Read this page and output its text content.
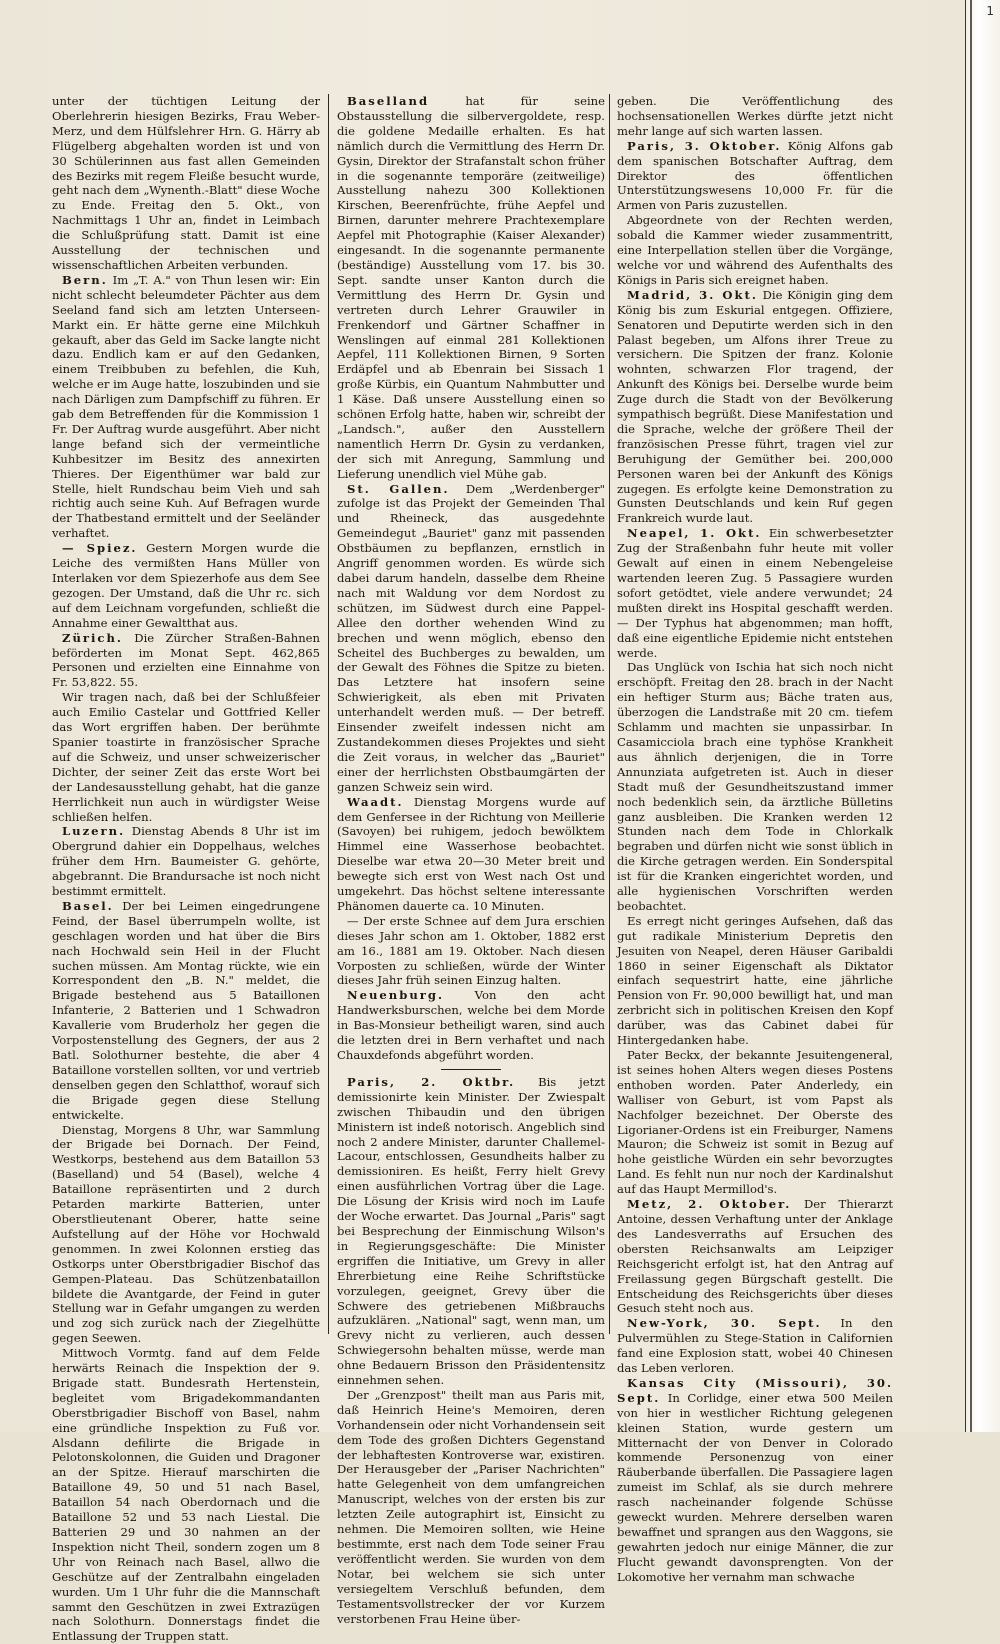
1

unter der tüchtigen Leitung der Oberlehrerin hiesigen Bezirks, Frau Weber-Merz, und dem Hülfslehrer Hrn. G. Härry ab Flügelberg abgehalten worden ist und von 30 Schülerinnen aus fast allen Gemeinden des Bezirks mit regem Fleiße besucht wurde, geht nach dem „Wynenth.-Blatt" diese Woche zu Ende. Freitag den 5. Okt., von Nachmittags 1 Uhr an, findet in Leimbach die Schlußprüfung statt. Damit ist eine Ausstellung der technischen und wissenschaftlichen Arbeiten verbunden.

Bern. Im „T. A." von Thun lesen wir: Ein nicht schlecht beleumdeter Pächter aus dem Seeland fand sich am letzten Unterseen-Markt ein. Er hätte gerne eine Milchkuh gekauft, aber das Geld im Sacke langte nicht dazu. Endlich kam er auf den Gedanken, einem Treibbuben zu befehlen, die Kuh, welche er im Auge hatte, loszubinden und sie nach Därligen zum Dampfschiff zu führen. Er gab dem Betreffenden für die Kommission 1 Fr. Der Auftrag wurde ausgeführt. Aber nicht lange befand sich der vermeintliche Kuhbesitzer im Besitz des annexirten Thieres. Der Eigenthümer war bald zur Stelle, hielt Rundschau beim Vieh und sah richtig auch seine Kuh. Auf Befragen wurde der Thatbestand ermittelt und der Seeländer verhaftet.

— Spiez. Gestern Morgen wurde die Leiche des vermißten Hans Müller von Interlaken vor dem Spiezerhofe aus dem See gezogen. Der Umstand, daß die Uhr rc. sich auf dem Leichnam vorgefunden, schließt die Annahme einer Gewaltthat aus.

Zürich. Die Zürcher Straßen-Bahnen beförderten im Monat Sept. 462,865 Personen und erzielten eine Einnahme von Fr. 53,822. 55.

Wir tragen nach, daß bei der Schlußfeier auch Emilio Castelar und Gottfried Keller das Wort ergriffen haben. Der berühmte Spanier toastirte in französischer Sprache auf die Schweiz, und unser schweizerischer Dichter, der seiner Zeit das erste Wort bei der Landesausstellung gehabt, hat die ganze Herrlichkeit nun auch in würdigster Weise schließen helfen.

Luzern. Dienstag Abends 8 Uhr ist im Obergrund dahier ein Doppelhaus, welches früher dem Hrn. Baumeister G. gehörte, abgebrannt. Die Brandursache ist noch nicht bestimmt ermittelt.

Basel. Der bei Leimen eingedrungene Feind, der Basel überrumpeln wollte, ist geschlagen worden und hat über die Birs nach Hochwald sein Heil in der Flucht suchen müssen. Am Montag rückte, wie ein Korrespondent den „B. N." meldet, die Brigade bestehend aus 5 Bataillonen Infanterie, 2 Batterien und 1 Schwadron Kavallerie vom Bruderholz her gegen die Vorpostenstellung des Gegners, der aus 2 Batl. Solothurner bestehte, die aber 4 Bataillone vorstellen sollten, vor und vertrieb denselben gegen den Schlatthof, worauf sich die Brigade gegen diese Stellung entwickelte.

Dienstag, Morgens 8 Uhr, war Sammlung der Brigade bei Dornach. Der Feind, Westkorps, bestehend aus dem Bataillon 53 (Baselland) und 54 (Basel), welche 4 Bataillone repräsentirten und 2 durch Petarden markirte Batterien, unter Oberstlieutenant Oberer, hatte seine Aufstellung auf der Höhe vor Hochwald genommen. In zwei Kolonnen erstieg das Ostkorps unter Oberstbrigadier Bischof das Gempen-Plateau. Das Schützenbataillon bildete die Avantgarde, der Feind in guter Stellung war in Gefahr umgangen zu werden und zog sich zurück nach der Ziegelhütte gegen Seewen.

Mittwoch Vormtg. fand auf dem Felde herwärts Reinach die Inspektion der 9. Brigade statt. Bundesrath Hertenstein, begleitet vom Brigadekommandanten Oberstbrigadier Bischoff von Basel, nahm eine gründliche Inspektion zu Fuß vor. Alsdann defilirte die Brigade in Pelotonskolonnen, die Guiden und Dragoner an der Spitze. Hierauf marschirten die Bataillone 49, 50 und 51 nach Basel, Bataillon 54 nach Oberdornach und die Bataillone 52 und 53 nach Liestal. Die Batterien 29 und 30 nahmen an der Inspektion nicht Theil, sondern zogen um 8 Uhr von Reinach nach Basel, allwo die Geschütze auf der Zentralbahn eingeladen wurden. Um 1 Uhr fuhr die die Mannschaft sammt den Geschützen in zwei Extrazügen nach Solothurn. Donnerstags findet die Entlassung der Truppen statt.

Baselland	hat für seine Obstausstellung die silbervergoldete, resp. die goldene Medaille erhalten. Es hat nämlich durch die Vermittlung des Herrn Dr. Gysin, Direktor der Strafanstalt schon früher in die sogenannte temporäre (zeitweilige) Ausstellung nahezu 300 Kollektionen Kirschen, Beerenfrüchte, frühe Aepfel und Birnen, darunter mehrere Prachtexemplare Aepfel mit Photographie (Kaiser Alexander) eingesandt. In die sogenannte permanente (beständige) Ausstellung vom 17. bis 30. Sept. sandte unser Kanton durch die Vermittlung des Herrn Dr. Gysin und vertreten durch Lehrer Grauwiler in Frenkendorf und Gärtner Schaffner in Wenslingen auf einmal 281 Kollektionen Aepfel, 111 Kollektionen Birnen, 9 Sorten Erdäpfel und ab Ebenrain bei Sissach 1 große Kürbis, ein Quantum Nahmbutter und 1 Käse. Daß unsere Ausstellung einen so schönen Erfolg hatte, haben wir, schreibt der „Landsch.", außer den Ausstellern namentlich Herrn Dr. Gysin zu verdanken, der sich mit Anregung, Sammlung und Lieferung unendlich viel Mühe gab.

St. Gallen. Dem „Werdenberger" zufolge ist das Projekt der Gemeinden Thal und Rheineck, das ausgedehnte Gemeindegut „Bauriet" ganz mit passenden Obstbäumen zu bepflanzen, ernstlich in Angriff genommen worden. Es würde sich dabei darum handeln, dasselbe dem Rheine nach mit Waldung vor dem Nordost zu schützen, im Südwest durch eine Pappel-Allee den dorther wehenden Wind zu brechen und wenn möglich, ebenso den Scheitel des Buchberges zu bewalden, um der Gewalt des Föhnes die Spitze zu bieten. Das Letztere hat insofern seine Schwierigkeit, als eben mit Privaten unterhandelt werden muß. — Der betreff. Einsender zweifelt indessen nicht am Zustandekommen dieses Projektes und sieht die Zeit voraus, in welcher das „Bauriet" einer der herrlichsten Obstbaumgärten der ganzen Schweiz sein wird.

Waadt. Dienstag Morgens wurde auf dem Genfersee in der Richtung von Meillerie (Savoyen) bei ruhigem, jedoch bewölktem Himmel eine Wasserhose beobachtet. Dieselbe war etwa 20—30 Meter breit und bewegte sich erst von West nach Ost und umgekehrt. Das höchst seltene interessante Phänomen dauerte ca. 10 Minuten.

— Der erste Schnee auf dem Jura erschien dieses Jahr schon am 1. Oktober, 1882 erst am 16., 1881 am 19. Oktober. Nach diesen Vorposten zu schließen, würde der Winter dieses Jahr früh seinen Einzug halten.

Neuenburg.	Von den acht Handwerksburschen, welche bei dem Morde in Bas-Monsieur betheiligt waren, sind auch die letzten drei in Bern verhaftet und nach Chauxdefonds abgeführt worden.

Paris, 2. Oktbr. Bis jetzt demissionirte kein Minister. Der Zwiespalt zwischen Thibaudin und den übrigen Ministern ist indeß notorisch. Angeblich sind noch 2 andere Minister, darunter Challemel-Lacour, entschlossen, Gesundheits halber zu demissioniren. Es heißt, Ferry hielt Grevy einen ausführlichen Vortrag über die Lage. Die Lösung der Krisis wird noch im Laufe der Woche erwartet. Das Journal „Paris" sagt bei Besprechung der Einmischung Wilson's in Regierungsgeschäfte: Die Minister ergriffen die Initiative, um Grevy in aller Ehrerbietung eine Reihe Schriftstücke vorzulegen, geeignet, Grevy über die Schwere des getriebenen Mißbrauchs aufzuklären. „National" sagt, wenn man, um Grevy nicht zu verlieren, auch dessen Schwiegersohn behalten müsse, werde man ohne Bedauern Brisson den Präsidentensitz einnehmen sehen.

Der „Grenzpost" theilt man aus Paris mit, daß Heinrich Heine's Memoiren, deren Vorhandensein oder nicht Vorhandensein seit dem Tode des großen Dichters Gegenstand der lebhaftesten Kontroverse war, existiren. Der Herausgeber der „Pariser Nachrichten" hatte Gelegenheit von dem umfangreichen Manuscript, welches von der ersten bis zur letzten Zeile autographirt ist, Einsicht zu nehmen. Die Memoiren sollten, wie Heine bestimmte, erst nach dem Tode seiner Frau veröffentlicht werden. Sie wurden von dem Notar, bei welchem sie sich unter versiegeltem Verschluß befunden, dem Testamentsvollstrecker der vor Kurzem verstorbenen Frau Heine über-

geben. Die Veröffentlichung des hochsensationellen Werkes dürfte jetzt nicht mehr lange auf sich warten lassen.

Paris, 3. Oktober. König Alfons gab dem spanischen Botschafter Auftrag, dem Direktor des öffentlichen Unterstützungswesens 10,000 Fr. für die Armen von Paris zuzustellen.

Abgeordnete von der Rechten werden, sobald die Kammer wieder zusammentritt, eine Interpellation stellen über die Vorgänge, welche vor und während des Aufenthalts des Königs in Paris sich ereignet haben.

Madrid, 3. Okt. Die Königin ging dem König bis zum Eskurial entgegen. Offiziere, Senatoren und Deputirte werden sich in den Palast begeben, um Alfons ihrer Treue zu versichern. Die Spitzen der franz. Kolonie wohnten, schwarzen Flor tragend, der Ankunft des Königs bei. Derselbe wurde beim Zuge durch die Stadt von der Bevölkerung sympathisch begrüßt. Diese Manifestation und die Sprache, welche der größere Theil der französischen Presse führt, tragen viel zur Beruhigung der Gemüther bei. 200,000 Personen waren bei der Ankunft des Königs zugegen. Es erfolgte keine Demonstration zu Gunsten Deutschlands und kein Ruf gegen Frankreich wurde laut.

Neapel, 1. Okt. Ein schwerbesetzter Zug der Straßenbahn fuhr heute mit voller Gewalt auf einen in einem Nebengeleise wartenden leeren Zug. 5 Passagiere wurden sofort getödtet, viele andere verwundet; 24 mußten direkt ins Hospital geschafft werden. — Der Typhus hat abgenommen; man hofft, daß eine eigentliche Epidemie nicht entstehen werde.

Das Unglück von Ischia hat sich noch nicht erschöpft. Freitag den 28. brach in der Nacht ein heftiger Sturm aus; Bäche traten aus, überzogen die Landstraße mit 20 cm. tiefem Schlamm und machten sie unpassirbar. In Casamicciola brach eine typhöse Krankheit aus ähnlich derjenigen, die in Torre Annunziata aufgetreten ist. Auch in dieser Stadt muß der Gesundheitszustand immer noch bedenklich sein, da ärztliche Bülletins ganz ausbleiben. Die Kranken werden 12 Stunden nach dem Tode in Chlorkalk begraben und dürfen nicht wie sonst üblich in die Kirche getragen werden. Ein Sonderspital ist für die Kranken eingerichtet worden, und alle hygienischen Vorschriften werden beobachtet.

Es erregt nicht geringes Aufsehen, daß das gut radikale Ministerium Depretis den Jesuiten von Neapel, deren Häuser Garibaldi 1860 in seiner Eigenschaft als Diktator einfach sequestrirt hatte, eine jährliche Pension von Fr. 90,000 bewilligt hat, und man zerbricht sich in politischen Kreisen den Kopf darüber, was das Cabinet dabei für Hintergedanken habe.

Pater Beckx, der bekannte Jesuitengeneral, ist seines hohen Alters wegen dieses Postens enthoben worden. Pater Anderledy, ein Walliser von Geburt, ist vom Papst als Nachfolger bezeichnet. Der Oberste des Ligorianer-Ordens ist ein Freiburger, Namens Mauron; die Schweiz ist somit in Bezug auf hohe geistliche Würden ein sehr bevorzugtes Land. Es fehlt nun nur noch der Kardinalshut auf das Haupt Mermillod's.

Metz, 2. Oktober. Der Thierarzt Antoine, dessen Verhaftung unter der Anklage des Landesverraths auf Ersuchen des obersten Reichsanwalts am Leipziger Reichsgericht erfolgt ist, hat den Antrag auf Freilassung gegen Bürgschaft gestellt. Die Entscheidung des Reichsgerichts über dieses Gesuch steht noch aus.

New-York, 30. Sept. In den Pulvermühlen zu Stege-Station in Californien fand eine Explosion statt, wobei 40 Chinesen das Leben verloren.

Kansas City (Missouri), 30. Sept. In Corlidge, einer etwa 500 Meilen von hier in westlicher Richtung gelegenen kleinen Station, wurde gestern um Mitternacht der von Denver in Colorado kommende Personenzug von einer Räuberbande überfallen. Die Passagiere lagen zumeist im Schlaf, als sie durch mehrere rasch nacheinander folgende Schüsse geweckt wurden. Mehrere derselben waren bewaffnet und sprangen aus den Waggons, sie gewahrten jedoch nur einige Männer, die zur Flucht gewandt davonsprengten. Von der Lokomotive her vernahm man schwache
